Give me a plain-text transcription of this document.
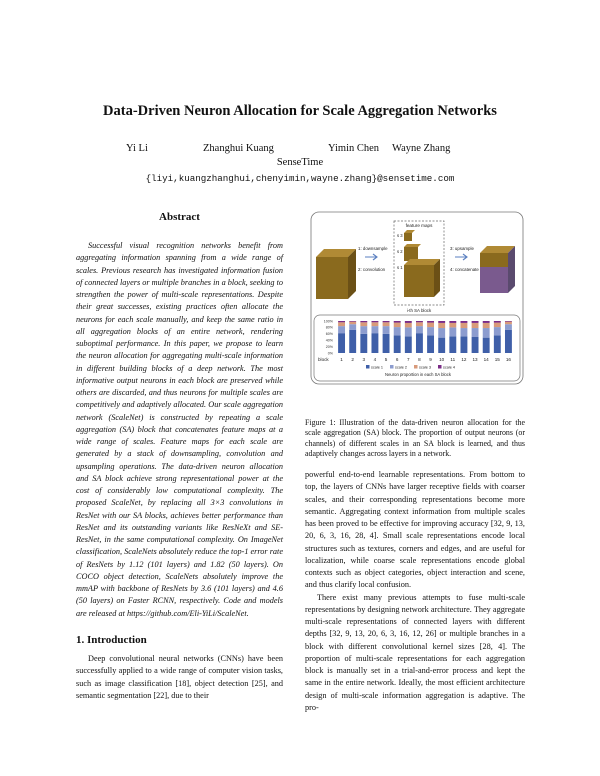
Data-Driven Neuron Allocation for Scale Aggregation Networks
Yi Li	Zhanghui Kuang	Yimin Chen Wayne Zhang
SenseTime
{liyi,kuangzhanghui,chenyimin,wayne.zhang}@sensetime.com
Abstract
Successful visual recognition networks benefit from aggregating information spanning from a wide range of scales. Previous research has investigated information fusion of connected layers or multiple branches in a block, seeking to strengthen the power of multi-scale representations. Despite their great successes, existing practices often allocate the neurons for each scale manually, and keep the same ratio in all aggregation blocks of an entire network, rendering suboptimal performance. In this paper, we propose to learn the neuron allocation for aggregating multi-scale information in different building blocks of a deep network. The most informative output neurons in each block are preserved while others are discarded, and thus neurons for multiple scales are competitively and adaptively allocated. Our scale aggregation network (ScaleNet) is constructed by repeating a scale aggregation (SA) block that concatenates feature maps at a wide range of scales. Feature maps for each scale are generated by a stack of downsampling, convolution and upsampling operations. The data-driven neuron allocation and SA block achieve strong representational power at the cost of considerably low computational complexity. The proposed ScaleNet, by replacing all 3×3 convolutions in ResNet with our SA blocks, achieves better performance than ResNet and its outstanding variants like ResNeXt and SE-ResNet, in the same computational complexity. On ImageNet classification, ScaleNets absolutely reduce the top-1 error rate of ResNets by 1.12 (101 layers) and 1.82 (50 layers). On COCO object detection, ScaleNets absolutely improve the mmAP with backbone of ResNets by 3.6 (101 layers) and 4.6 (50 layers) on Faster RCNN, respectively. Code and models are released at https://github.com/Eli-YiLi/ScaleNet.
1. Introduction

Deep convolutional neural networks (CNNs) have been successfully applied to a wide range of computer vision tasks, such as image classification [18], object detection [25], and semantic segmentation [22], due to their

feature maps
s 3
s 2
s 1
1: downsample
2: convolution
3: upsample
4: concatenate
i-th SA block
100%
80%
60%
40%
20%
0%
1 2 3 4 5 6 7 8 9 10 11 12 13 14 15 16
block
scale 1	scale 2	scale 3	scale 4
Neuron proportion in each SA block
Figure 1: Illustration of the data-driven neuron allocation for the scale aggregation (SA) block. The proportion of output neurons (or channels) of different scales in an SA block is learned, and thus adaptively changes across layers in a network.

powerful end-to-end learnable representations. From bottom to top, the layers of CNNs have larger receptive fields with coarser scales, and their corresponding representations become more semantic. Aggregating context information from multiple scales has been proved to be effective for improving accuracy [32, 9, 13, 20, 6, 3, 16, 28, 4]. Small scale representations encode local structures such as textures, corners and edges, and are useful for localization, while coarse scale representations encode global contexts such as object categories, object interaction and scene, and thus clarify local confusion.

There exist many previous attempts to fuse multi-scale representations by designing network architecture. They aggregate multi-scale representations of connected layers with different depths [32, 9, 13, 20, 6, 3, 16, 12, 26] or multiple branches in a block with different convolutional kernel sizes [28, 4]. The proportion of multi-scale representations for each aggregation block is manually set in a trial-and-error process and kept the same in the entire network. Ideally, the most efficient architecture design of multi-scale information aggregation is adaptive. The pro-
